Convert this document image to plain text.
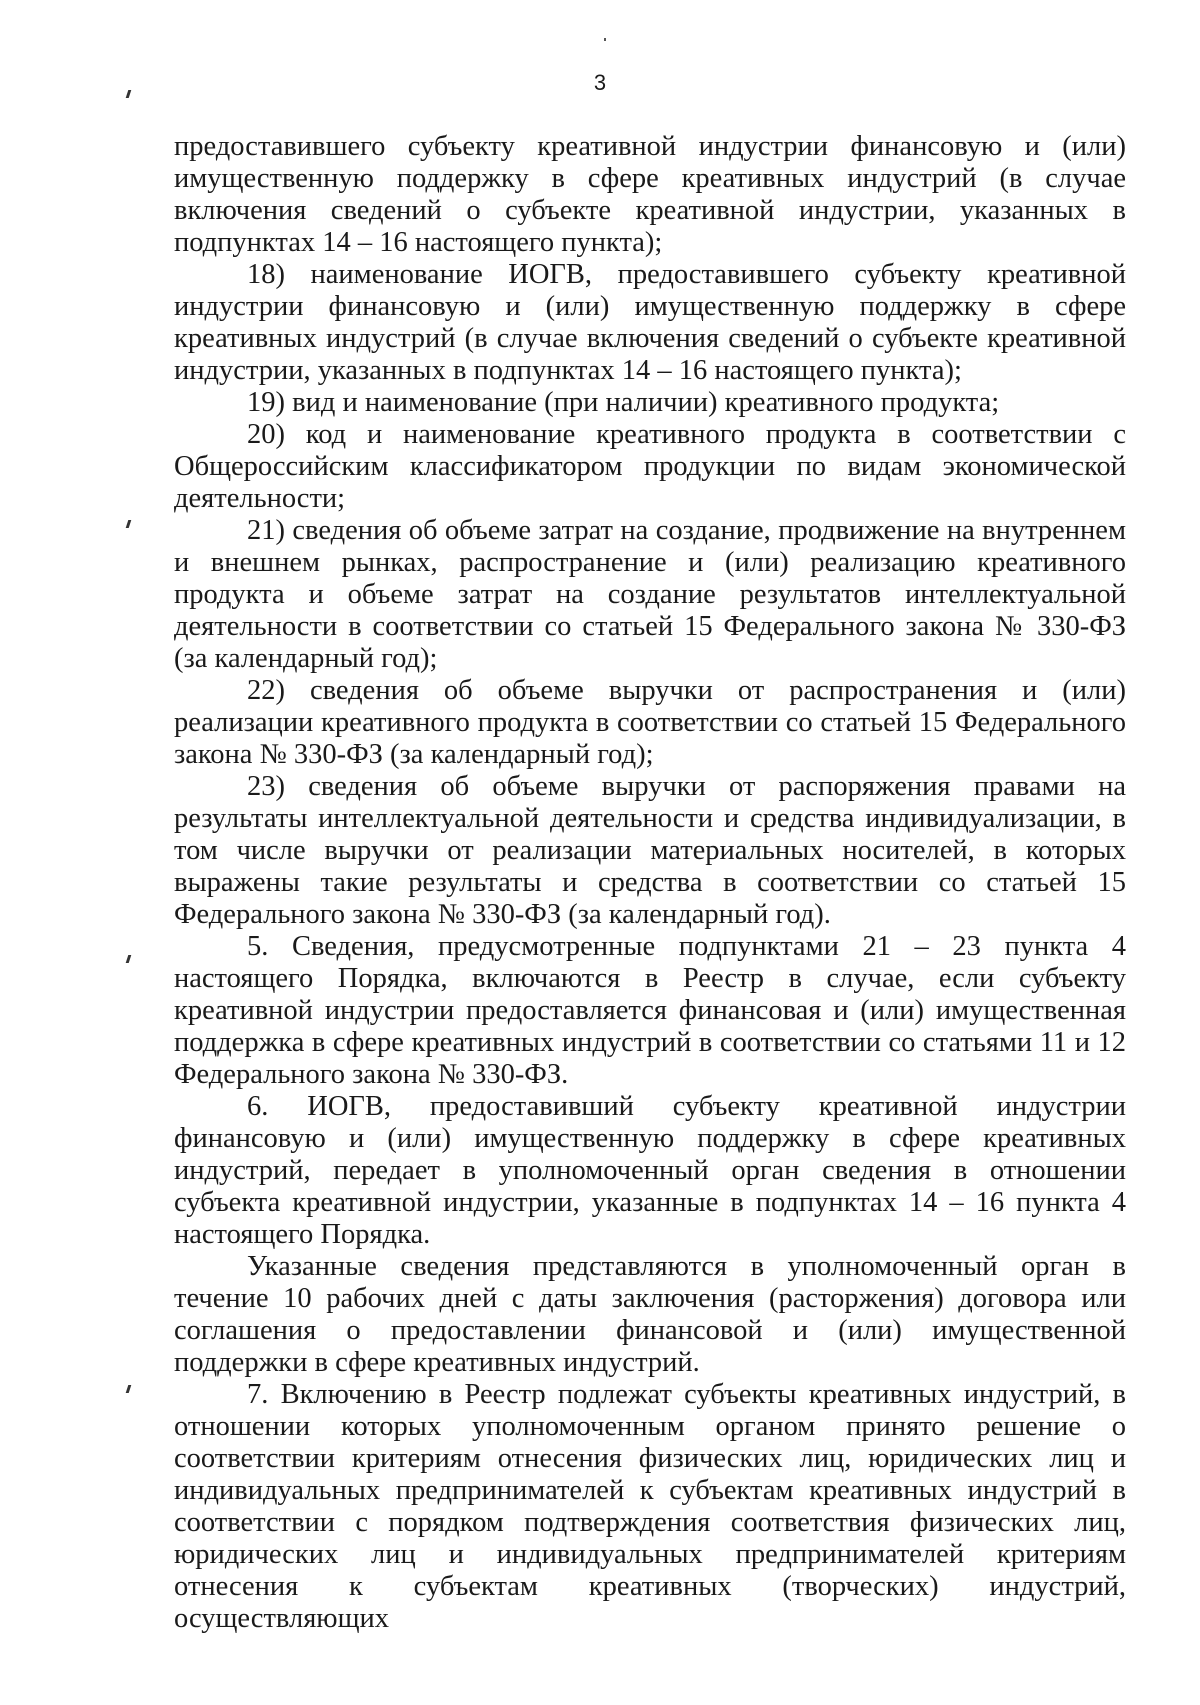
3

предоставившего субъекту креативной индустрии финансовую и (или) имущественную поддержку в сфере креативных индустрий (в случае включения сведений о субъекте креативной индустрии, указанных в подпунктах 14 – 16 настоящего пункта);

18) наименование ИОГВ, предоставившего субъекту креативной индустрии финансовую и (или) имущественную поддержку в сфере креативных индустрий (в случае включения сведений о субъекте креативной индустрии, указанных в подпунктах 14 – 16 настоящего пункта);

19) вид и наименование (при наличии) креативного продукта;

20) код и наименование креативного продукта в соответствии с Общероссийским классификатором продукции по видам экономической деятельности;

21) сведения об объеме затрат на создание, продвижение на внутреннем и внешнем рынках, распространение и (или) реализацию креативного продукта и объеме затрат на создание результатов интеллектуальной деятельности в соответствии со статьей 15 Федерального закона № 330-ФЗ (за календарный год);

22) сведения об объеме выручки от распространения и (или) реализации креативного продукта в соответствии со статьей 15 Федерального закона № 330-ФЗ (за календарный год);

23) сведения об объеме выручки от распоряжения правами на результаты интеллектуальной деятельности и средства индивидуализации, в том числе выручки от реализации материальных носителей, в которых выражены такие результаты и средства в соответствии со статьей 15 Федерального закона № 330-ФЗ (за календарный год).

5. Сведения, предусмотренные подпунктами 21 – 23 пункта 4 настоящего Порядка, включаются в Реестр в случае, если субъекту креативной индустрии предоставляется финансовая и (или) имущественная поддержка в сфере креативных индустрий в соответствии со статьями 11 и 12 Федерального закона № 330-ФЗ.

6. ИОГВ, предоставивший субъекту креативной индустрии финансовую и (или) имущественную поддержку в сфере креативных индустрий, передает в уполномоченный орган сведения в отношении субъекта креативной индустрии, указанные в подпунктах 14 – 16 пункта 4 настоящего Порядка.

Указанные сведения представляются в уполномоченный орган в течение 10 рабочих дней с даты заключения (расторжения) договора или соглашения о предоставлении финансовой и (или) имущественной поддержки в сфере креативных индустрий.

7. Включению в Реестр подлежат субъекты креативных индустрий, в отношении которых уполномоченным органом принято решение о соответствии критериям отнесения физических лиц, юридических лиц и индивидуальных предпринимателей к субъектам креативных индустрий в соответствии с порядком подтверждения соответствия физических лиц, юридических лиц и индивидуальных предпринимателей критериям отнесения к субъектам креативных (творческих) индустрий, осуществляющих
